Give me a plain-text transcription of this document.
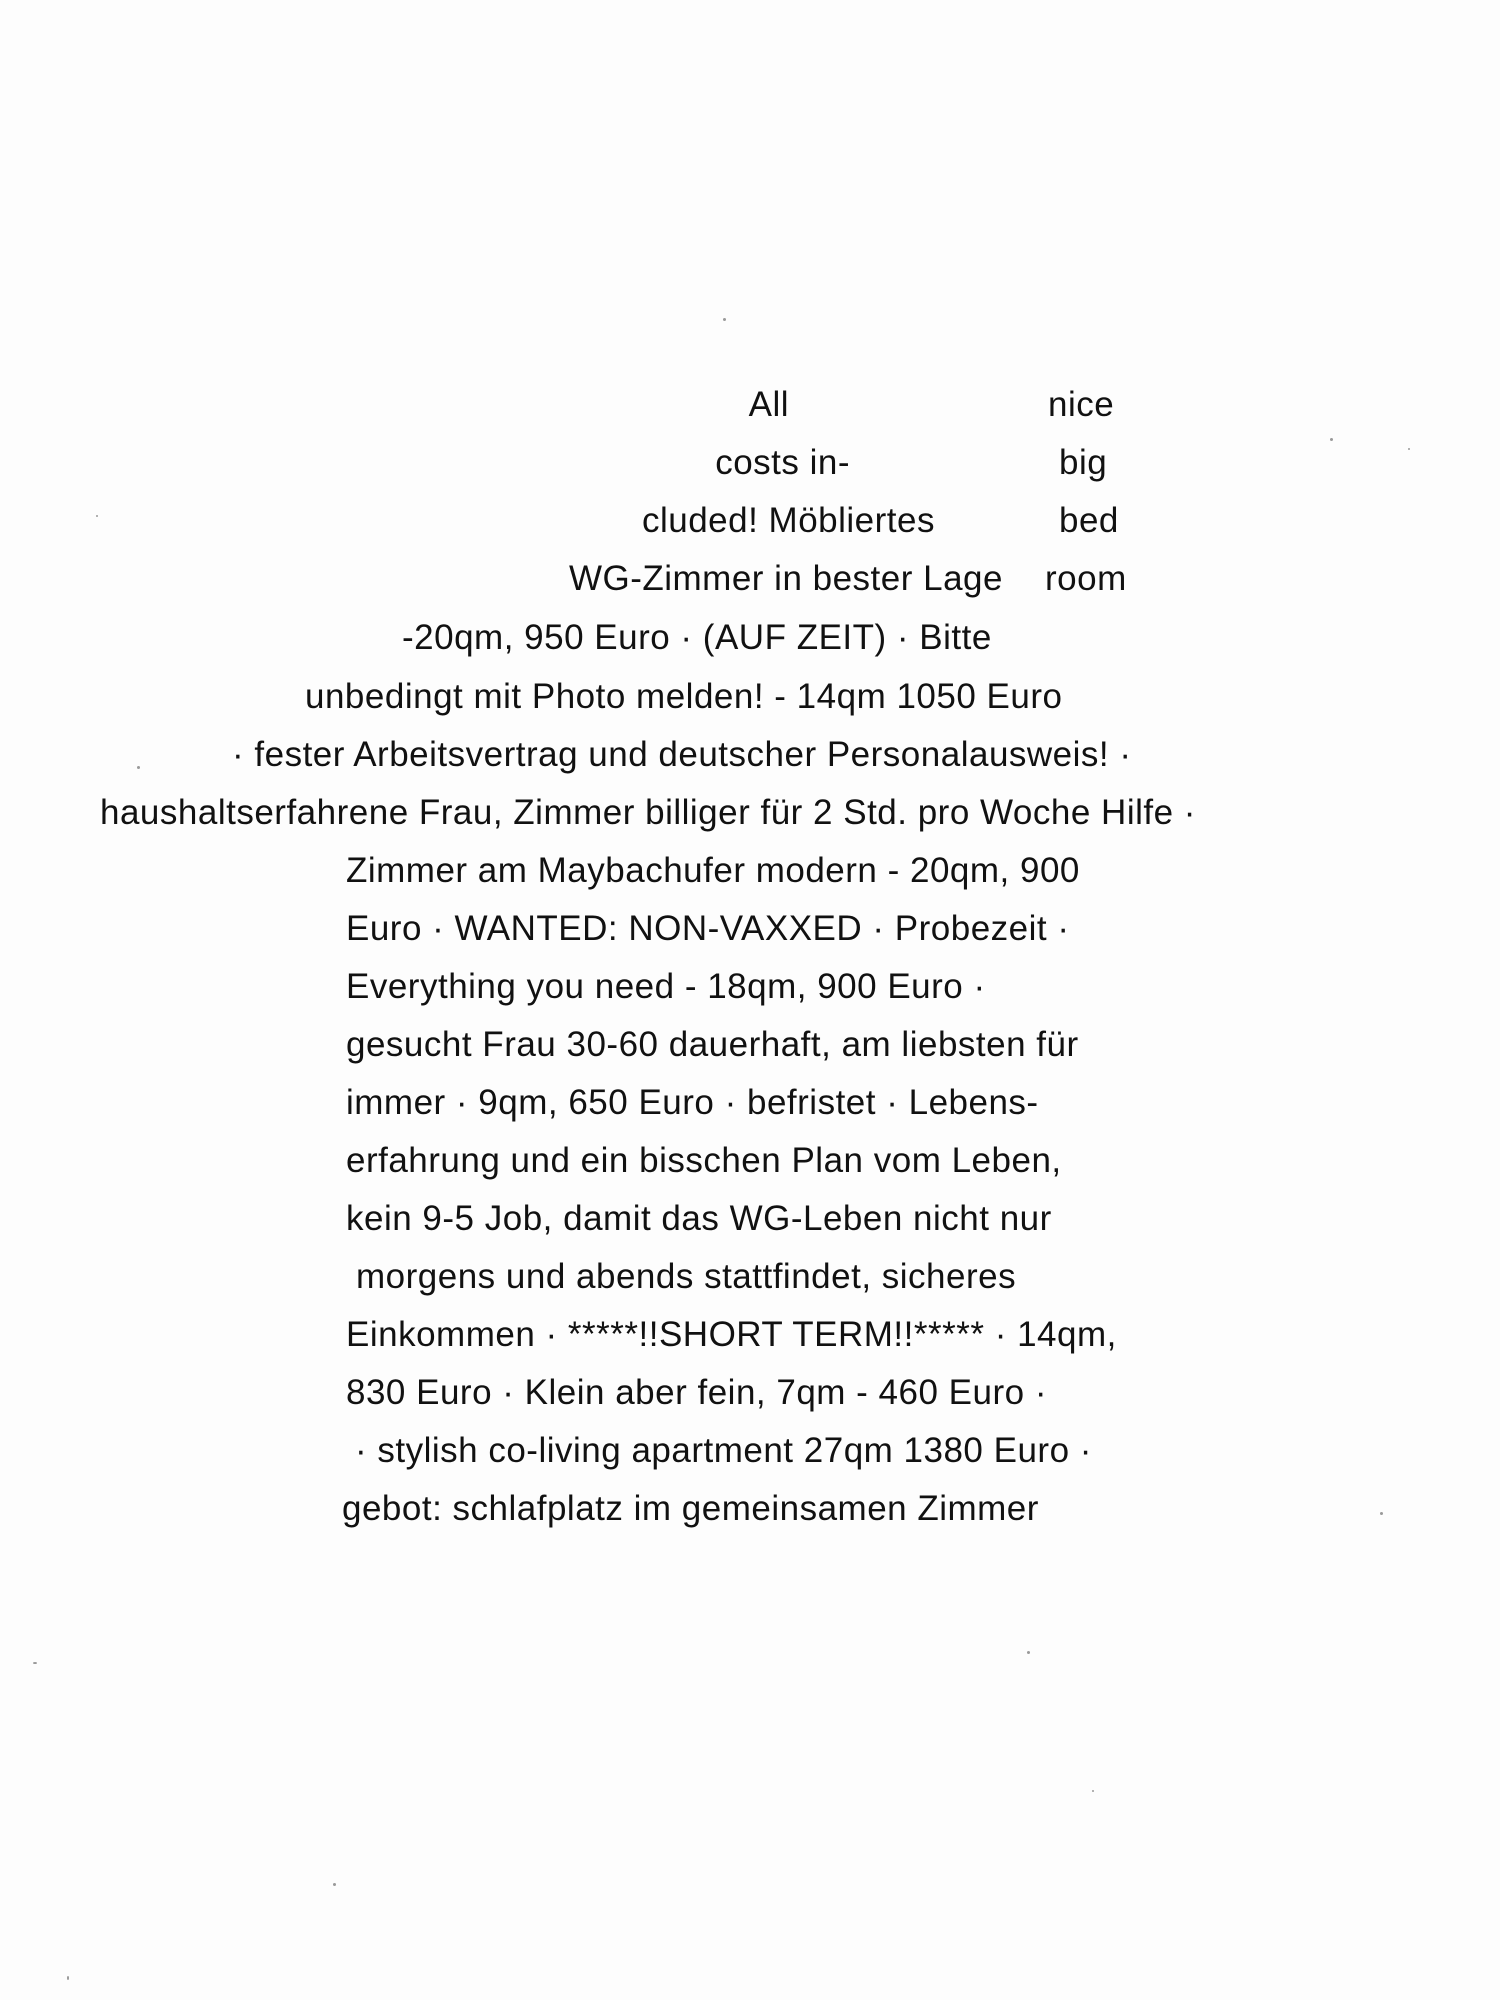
All
costs in-
cluded! Möbliertes
WG-Zimmer in bester Lage
nice
big
bed
room
-20qm, 950 Euro · (AUF ZEIT) · Bitte
unbedingt mit Photo melden! - 14qm 1050 Euro
· fester Arbeitsvertrag und deutscher Personalausweis! ·
haushaltserfahrene Frau, Zimmer billiger für 2 Std. pro Woche Hilfe ·
Zimmer am Maybachufer modern - 20qm, 900
Euro · WANTED: NON-VAXXED · Probezeit ·
Everything you need - 18qm, 900 Euro ·
gesucht Frau 30-60 dauerhaft, am liebsten für
immer · 9qm, 650 Euro · befristet · Lebens-
erfahrung und ein bisschen Plan vom Leben,
kein 9-5 Job, damit das WG-Leben nicht nur
morgens und abends stattfindet, sicheres
Einkommen · *****!!SHORT TERM!!***** · 14qm,
830 Euro · Klein aber fein, 7qm - 460 Euro ·
· stylish co-living apartment 27qm 1380 Euro ·
gebot: schlafplatz im gemeinsamen Zimmer
